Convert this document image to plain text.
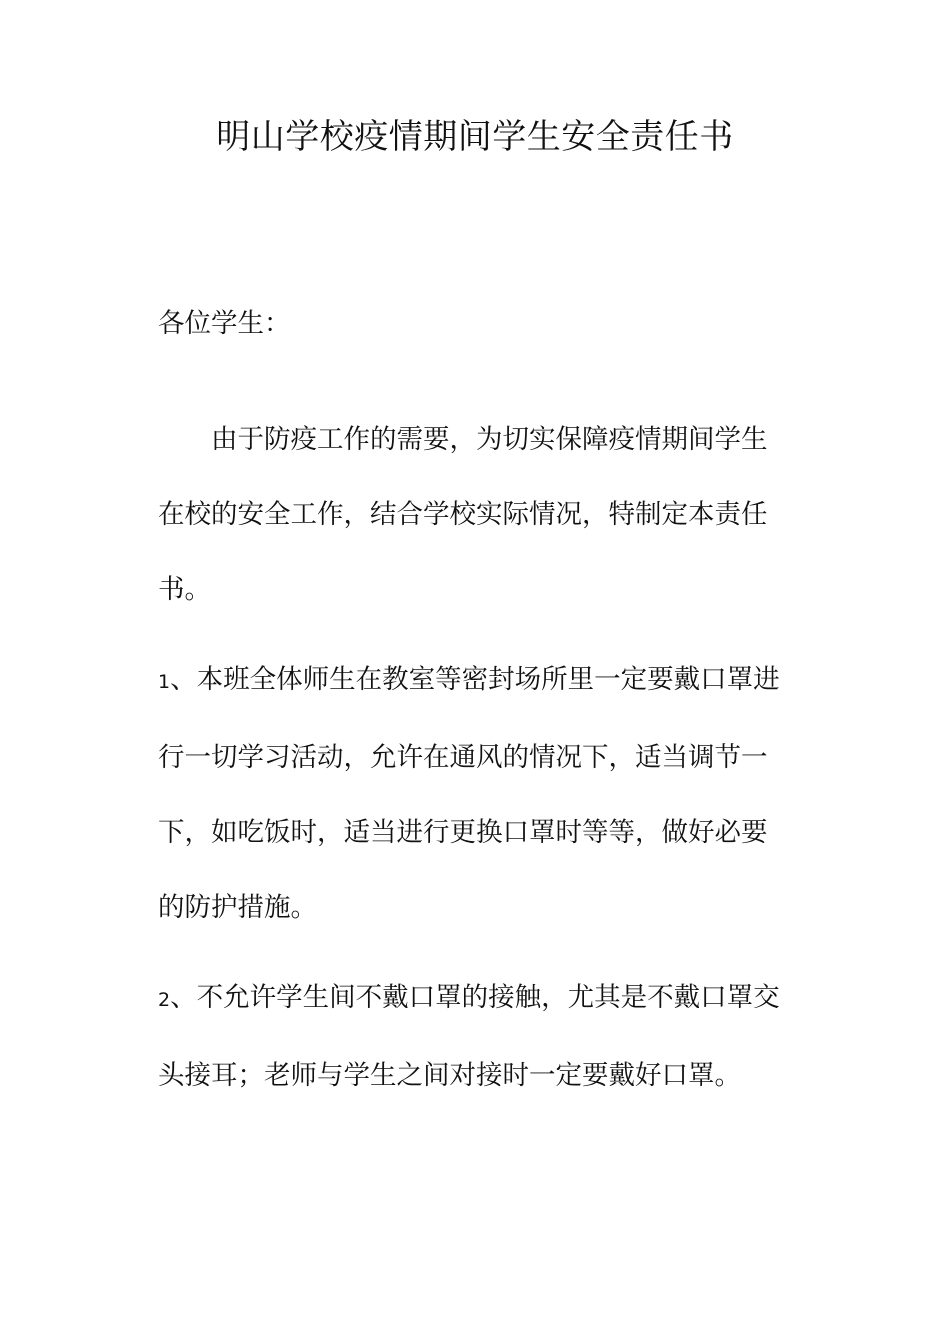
明山学校疫情期间学生安全责任书
各位学生：

由于防疫工作的需要，为切实保障疫情期间学生在校的安全工作，结合学校实际情况，特制定本责任书。

1、本班全体师生在教室等密封场所里一定要戴口罩进行一切学习活动，允许在通风的情况下，适当调节一下，如吃饭时，适当进行更换口罩时等等，做好必要的防护措施。

2、不允许学生间不戴口罩的接触，尤其是不戴口罩交头接耳；老师与学生之间对接时一定要戴好口罩。
